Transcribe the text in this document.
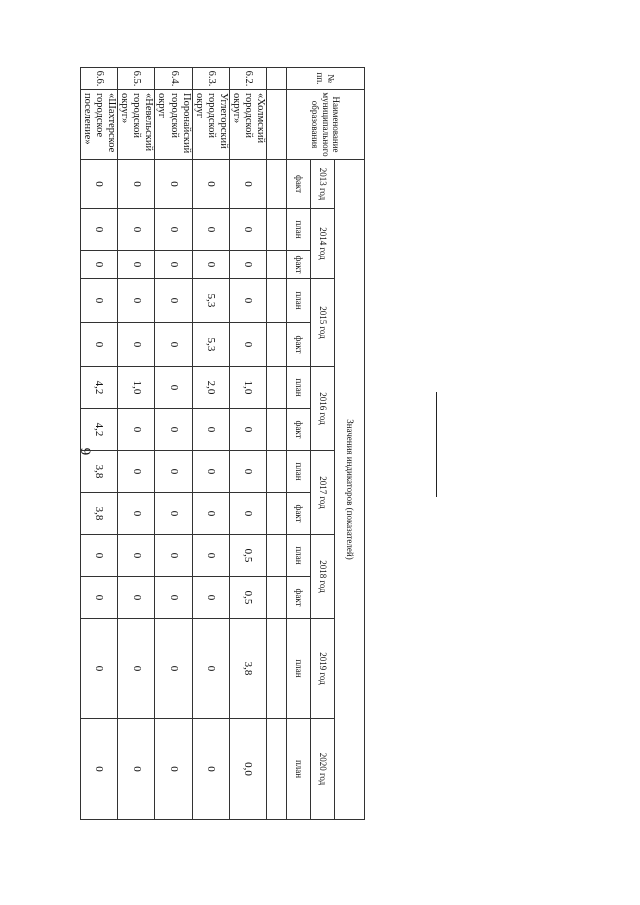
6
№ пп.	Наименование муниципального образования	Значения индикаторов (показателей)												
		2013 год	2014 год		2015 год		2016 год		2017 год		2018 год		2019 год	2020 год
		факт	план	факт	план	факт	план	факт	план	факт	план	факт	план	план

6.2.	«Холмский городской округ»	0	0	0	0	0	1,0	0	0	0	0,5	0,5	3,8	0,0
6.3.	Углегорский городской округ	0	0	0	5,3	5,3	2,0	0	0	0	0	0	0	0
6.4.	Поронайский городской округ	0	0	0	0	0	0	0	0	0	0	0	0	0
6.5.	«Невельский городской округ»	0	0	0	0	0	1,0	0	0	0	0	0	0	0
6.6.	«Шахтерское городское поселение»	0	0	0	0	0	4,2	4,2	3,8	3,8	0	0	0	0
